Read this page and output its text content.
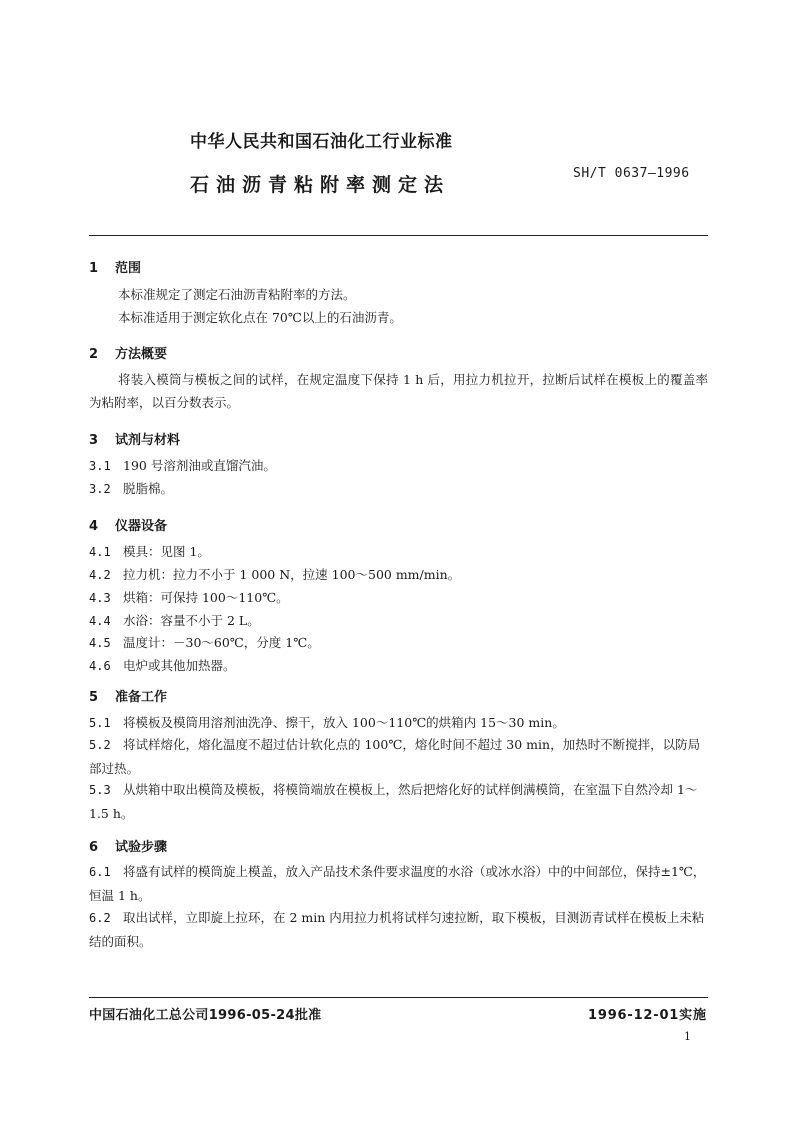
中华人民共和国石油化工行业标准
石油沥青粘附率测定法
SH/T 0637—1996
1 范围
本标准规定了测定石油沥青粘附率的方法。
本标准适用于测定软化点在 70℃以上的石油沥青。
2 方法概要
将装入模筒与模板之间的试样，在规定温度下保持 1 h 后，用拉力机拉开，拉断后试样在模板上的覆盖率为粘附率，以百分数表示。
3 试剂与材料
3.1 190 号溶剂油或直馏汽油。
3.2 脱脂棉。
4 仪器设备
4.1 模具：见图 1。
4.2 拉力机：拉力不小于 1 000 N，拉速 100～500 mm/min。
4.3 烘箱：可保持 100～110℃。
4.4 水浴：容量不小于 2 L。
4.5 温度计：－30～60℃，分度 1℃。
4.6 电炉或其他加热器。
5 准备工作
5.1 将模板及模筒用溶剂油洗净、擦干，放入 100～110℃的烘箱内 15～30 min。
5.2 将试样熔化，熔化温度不超过估计软化点的 100℃，熔化时间不超过 30 min，加热时不断搅拌，以防局部过热。
5.3 从烘箱中取出模筒及模板，将模筒端放在模板上，然后把熔化好的试样倒满模筒，在室温下自然冷却 1～1.5 h。
6 试验步骤
6.1 将盛有试样的模筒旋上模盖，放入产品技术条件要求温度的水浴（或冰水浴）中的中间部位，保持±1℃，恒温 1 h。
6.2 取出试样，立即旋上拉环，在 2 min 内用拉力机将试样匀速拉断，取下模板，目测沥青试样在模板上未粘结的面积。
中国石油化工总公司1996-05-24批准	1996-12-01实施
1
